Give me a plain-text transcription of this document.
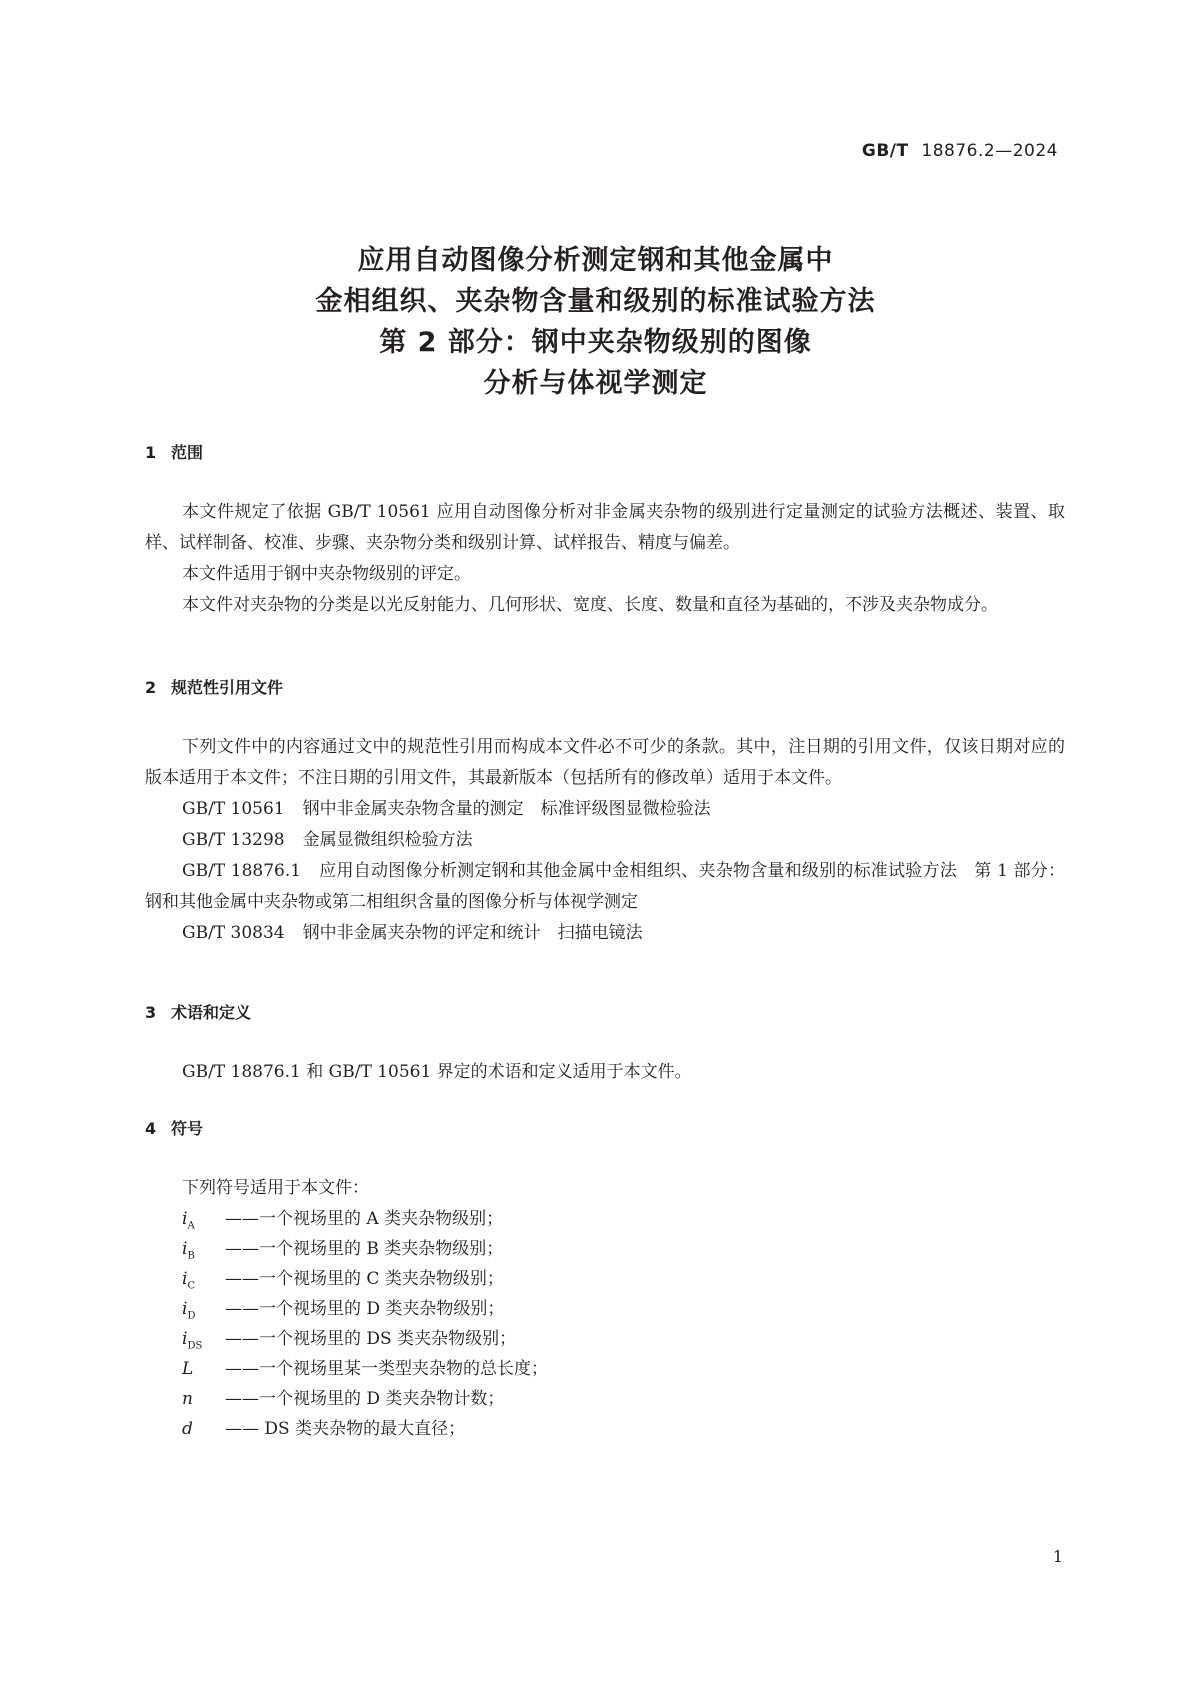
GB/T 18876.2—2024
应用自动图像分析测定钢和其他金属中
金相组织、夹杂物含量和级别的标准试验方法
第 2 部分：钢中夹杂物级别的图像
分析与体视学测定
1 范围
本文件规定了依据 GB/T 10561 应用自动图像分析对非金属夹杂物的级别进行定量测定的试验方法概述、装置、取样、试样制备、校准、步骤、夹杂物分类和级别计算、试样报告、精度与偏差。
本文件适用于钢中夹杂物级别的评定。
本文件对夹杂物的分类是以光反射能力、几何形状、宽度、长度、数量和直径为基础的，不涉及夹杂物成分。
2 规范性引用文件
下列文件中的内容通过文中的规范性引用而构成本文件必不可少的条款。其中，注日期的引用文件，仅该日期对应的版本适用于本文件；不注日期的引用文件，其最新版本（包括所有的修改单）适用于本文件。
GB/T 10561 钢中非金属夹杂物含量的测定　标准评级图显微检验法
GB/T 13298 金属显微组织检验方法
GB/T 18876.1 应用自动图像分析测定钢和其他金属中金相组织、夹杂物含量和级别的标准试验方法　第 1 部分：钢和其他金属中夹杂物或第二相组织含量的图像分析与体视学测定
GB/T 30834 钢中非金属夹杂物的评定和统计　扫描电镜法
3 术语和定义
GB/T 18876.1 和 GB/T 10561 界定的术语和定义适用于本文件。
4 符号
下列符号适用于本文件：
$i_A$ ——一个视场里的 A 类夹杂物级别；
$i_B$ ——一个视场里的 B 类夹杂物级别；
$i_C$ ——一个视场里的 C 类夹杂物级别；
$i_D$ ——一个视场里的 D 类夹杂物级别；
$i_{DS}$ ——一个视场里的 DS 类夹杂物级别；
L ——一个视场里某一类型夹杂物的总长度；
n ——一个视场里的 D 类夹杂物计数；
d —— DS 类夹杂物的最大直径；
1
